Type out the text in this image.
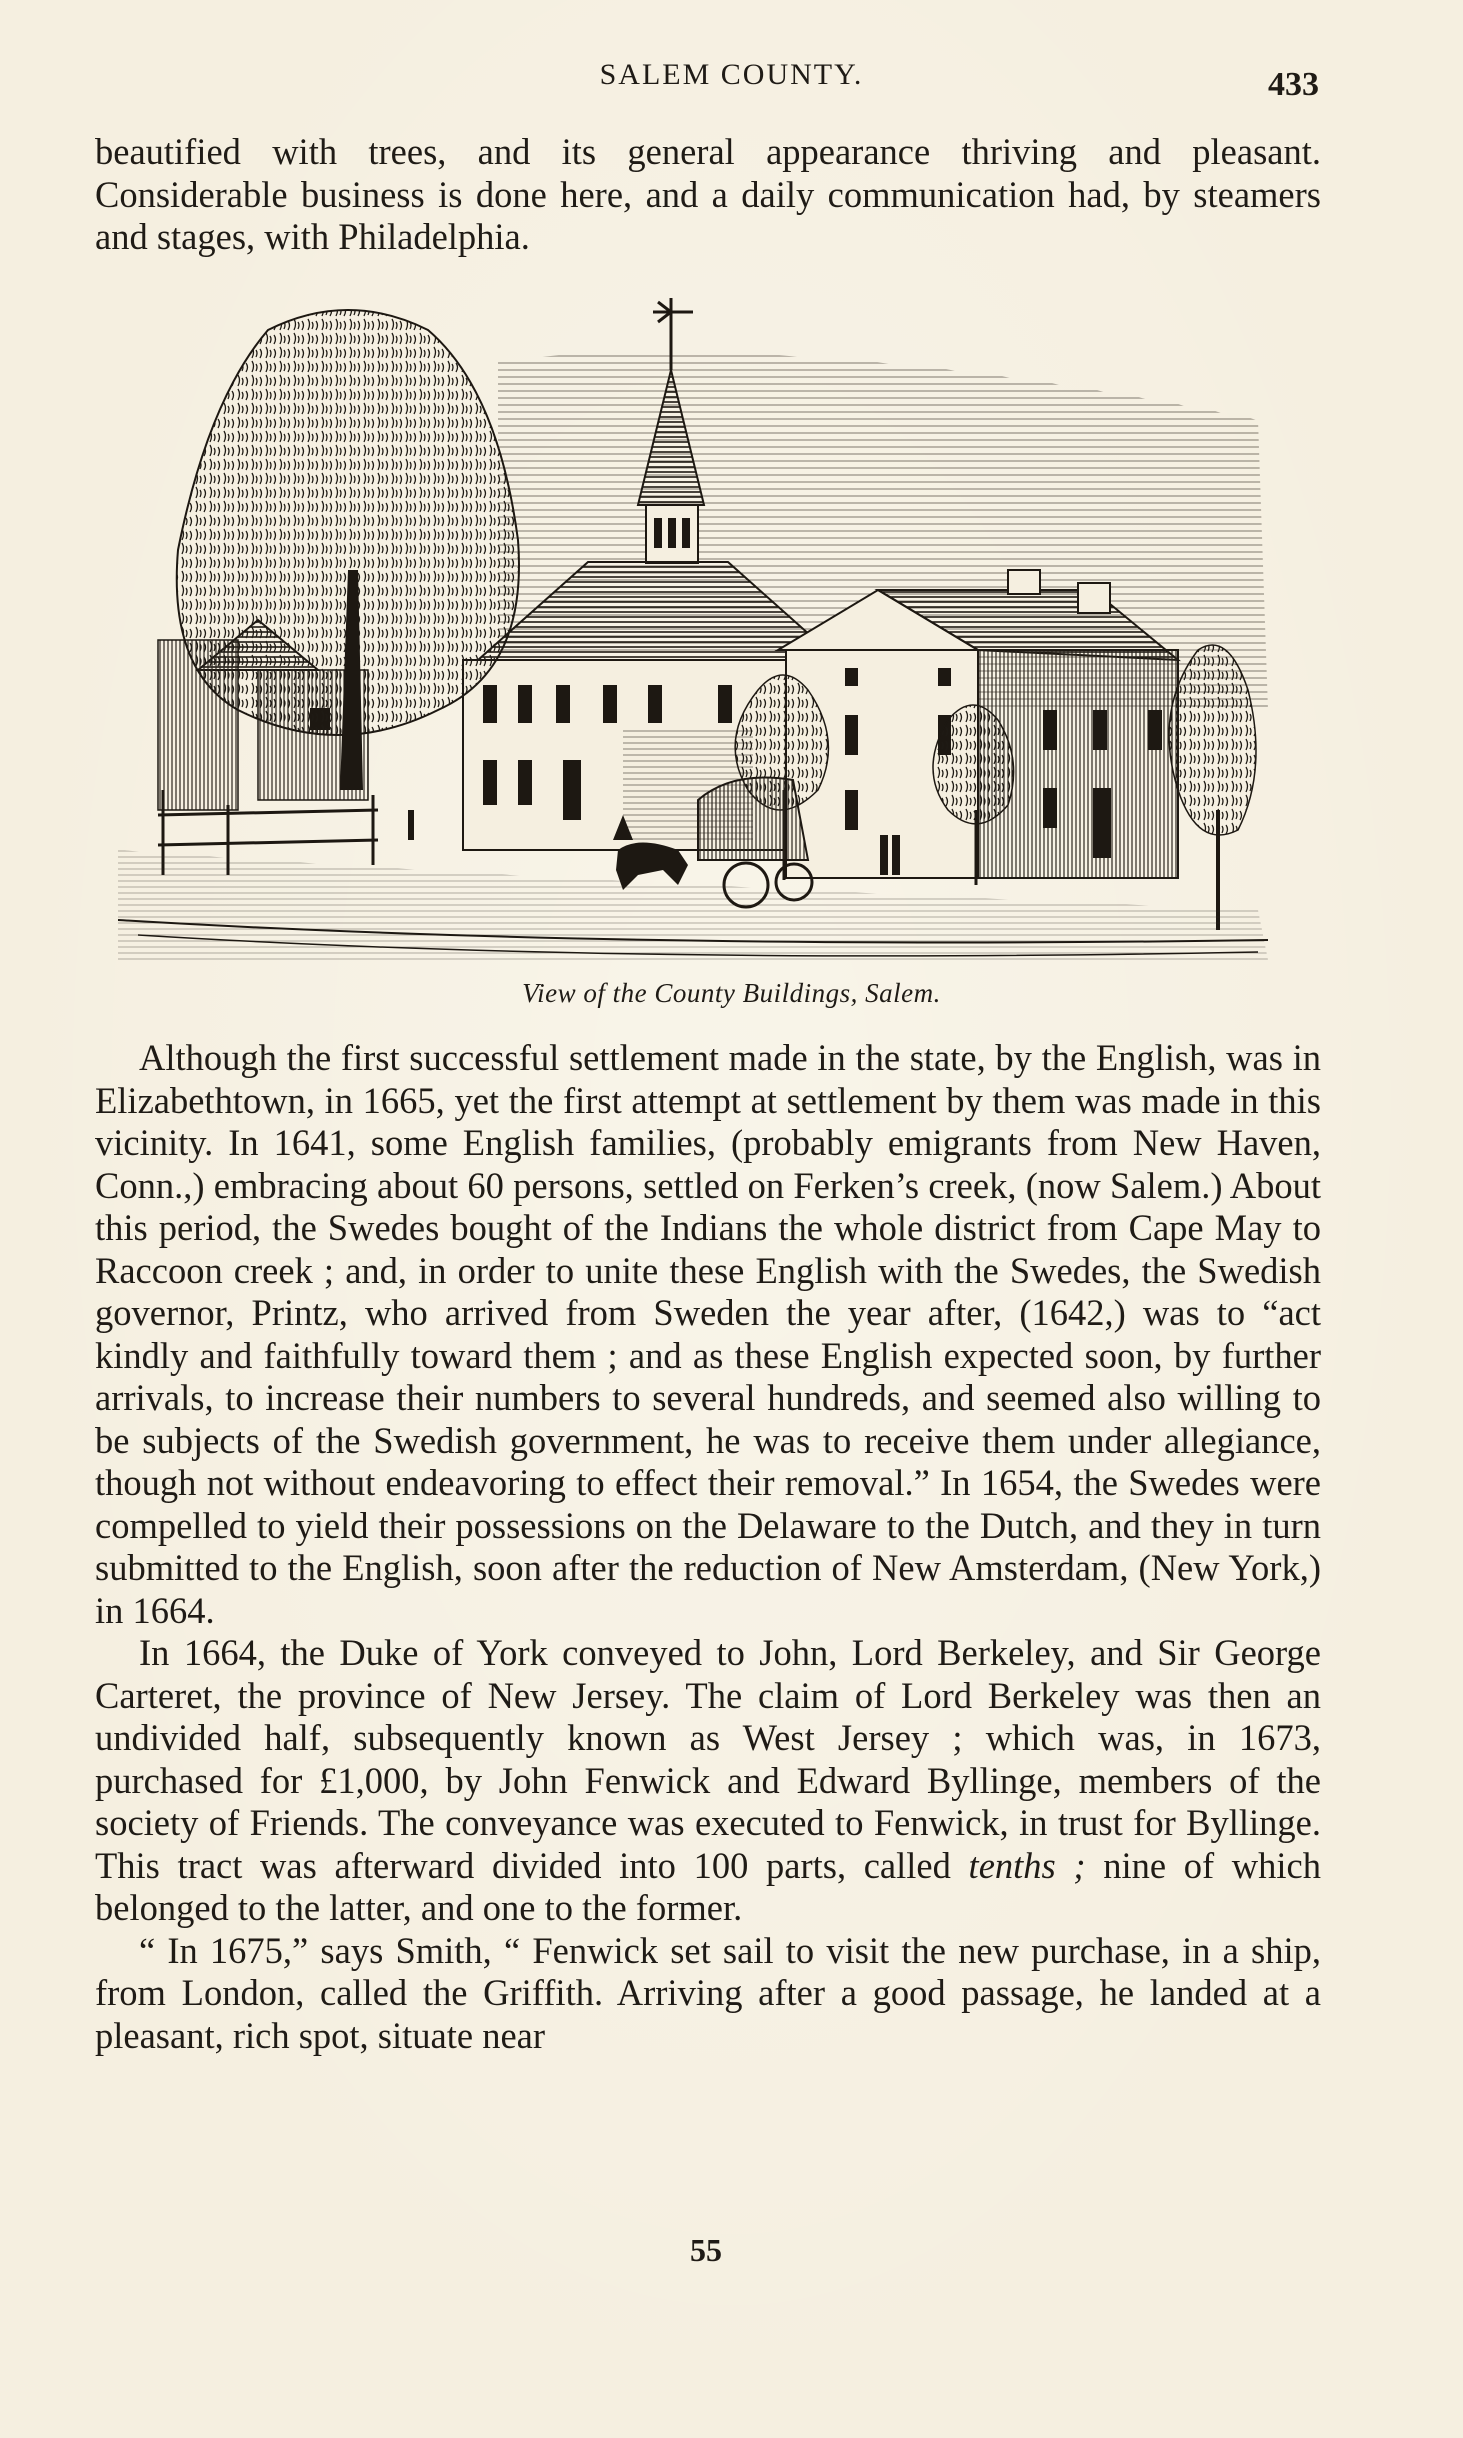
SALEM COUNTY.	433

beautified with trees, and its general appearance thriving and pleasant. Considerable business is done here, and a daily communication had, by steamers and stages, with Philadelphia.

View of the County Buildings, Salem.

Although the first successful settlement made in the state, by the English, was in Elizabethtown, in 1665, yet the first attempt at settlement by them was made in this vicinity. In 1641, some English families, (probably emigrants from New Haven, Conn.,) embracing about 60 persons, settled on Ferken’s creek, (now Salem.) About this period, the Swedes bought of the Indians the whole district from Cape May to Raccoon creek ; and, in order to unite these English with the Swedes, the Swedish governor, Printz, who arrived from Sweden the year after, (1642,) was to “act kindly and faithfully toward them ; and as these English expected soon, by further arrivals, to increase their numbers to several hundreds, and seemed also willing to be subjects of the Swedish government, he was to receive them under allegiance, though not without endeavoring to effect their removal.” In 1654, the Swedes were compelled to yield their possessions on the Delaware to the Dutch, and they in turn submitted to the English, soon after the reduction of New Amsterdam, (New York,) in 1664.

In 1664, the Duke of York conveyed to John, Lord Berkeley, and Sir George Carteret, the province of New Jersey. The claim of Lord Berkeley was then an undivided half, subsequently known as West Jersey ; which was, in 1673, purchased for £1,000, by John Fenwick and Edward Byllinge, members of the society of Friends. The conveyance was executed to Fenwick, in trust for Byllinge. This tract was afterward divided into 100 parts, called tenths ; nine of which belonged to the latter, and one to the former.

“ In 1675,” says Smith, “ Fenwick set sail to visit the new purchase, in a ship, from London, called the Griffith. Arriving after a good passage, he landed at a pleasant, rich spot, situate near

55
